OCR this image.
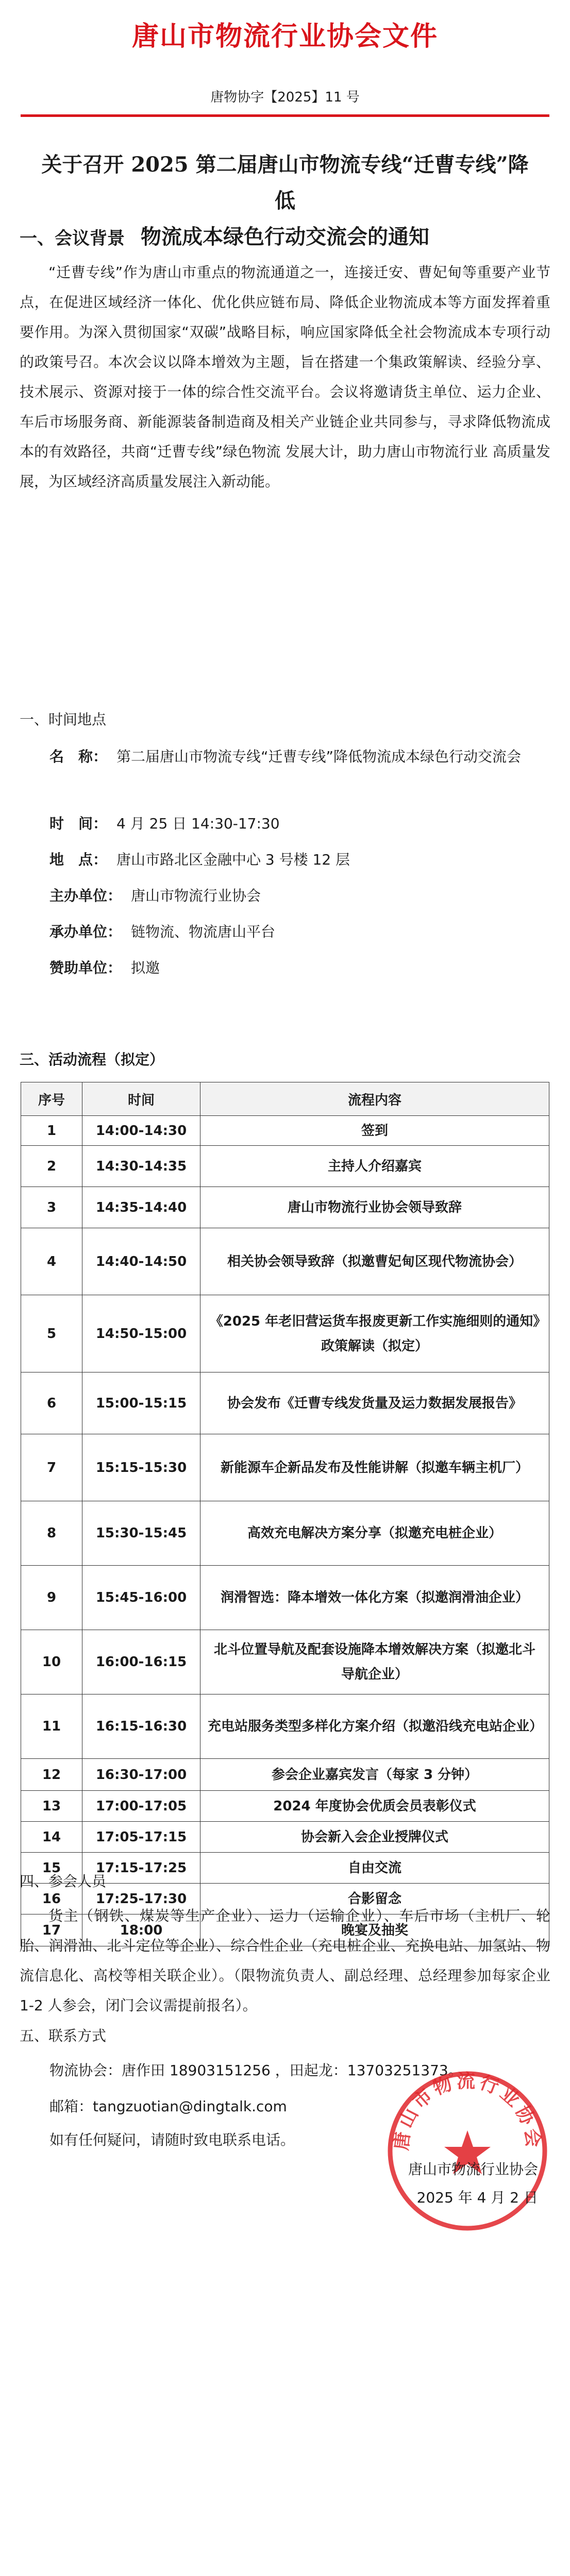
唐山市物流行业协会文件
唐物协字【2025】11 号
关于召开 2025 第二届唐山市物流专线“迁曹专线”降低
物流成本绿色行动交流会的通知
一、会议背景
“迁曹专线”作为唐山市重点的物流通道之一，连接迁安、曹妃甸等重要产业节点，在促进区域经济一体化、优化供应链布局、降低企业物流成本等方面发挥着重要作用。为深入贯彻国家“双碳”战略目标，响应国家降低全社会物流成本专项行动的政策号召。本次会议以降本增效为主题，旨在搭建一个集政策解读、经验分享、技术展示、资源对接于一体的综合性交流平台。会议将邀请货主单位、运力企业、车后市场服务商、新能源装备制造商及相关产业链企业共同参与，寻求降低物流成本的有效路径，共商“迁曹专线”绿色物流 发展大计，助力唐山市物流行业 高质量发展，为区域经济高质量发展注入新动能。
一、时间地点
名　称： 第二届唐山市物流专线“迁曹专线”降低物流成本绿色行动交流会
时　间： 4 月 25 日 14:30-17:30
地　点： 唐山市路北区金融中心 3 号楼 12 层
主办单位： 唐山市物流行业协会
承办单位： 链物流、物流唐山平台
赞助单位： 拟邀
三、活动流程（拟定）
序号	时间	流程内容
1	14:00-14:30	签到
2	14:30-14:35	主持人介绍嘉宾
3	14:35-14:40	唐山市物流行业协会领导致辞
4	14:40-14:50	相关协会领导致辞（拟邀曹妃甸区现代物流协会）
5	14:50-15:00	《2025 年老旧营运货车报废更新工作实施细则的通知》政策解读（拟定）
6	15:00-15:15	协会发布《迁曹专线发货量及运力数据发展报告》
7	15:15-15:30	新能源车企新品发布及性能讲解（拟邀车辆主机厂）
8	15:30-15:45	高效充电解决方案分享（拟邀充电桩企业）
9	15:45-16:00	润滑智选：降本增效一体化方案（拟邀润滑油企业）
10	16:00-16:15	北斗位置导航及配套设施降本增效解决方案（拟邀北斗导航企业）
11	16:15-16:30	充电站服务类型多样化方案介绍（拟邀沿线充电站企业）
12	16:30-17:00	参会企业嘉宾发言（每家 3 分钟）
13	17:00-17:05	2024 年度协会优质会员表彰仪式
14	17:05-17:15	协会新入会企业授牌仪式
15	17:15-17:25	自由交流
16	17:25-17:30	合影留念
17	18:00	晚宴及抽奖
四、参会人员
货主（钢铁、煤炭等生产企业）、运力（运输企业）、车后市场（主机厂、轮胎、润滑油、北斗定位等企业）、综合性企业（充电桩企业、充换电站、加氢站、物流信息化、高校等相关联企业）。（限物流负责人、副总经理、总经理参加每家企业 1-2 人参会，闭门会议需提前报名）。
五、联系方式
物流协会：唐作田 18903151256 ，田起龙：13703251373。
邮箱：tangzuotian@dingtalk.com
如有任何疑问，请随时致电联系电话。	唐山市物流行业协会
唐山市物流行业协会
2025 年 4 月 2 日
